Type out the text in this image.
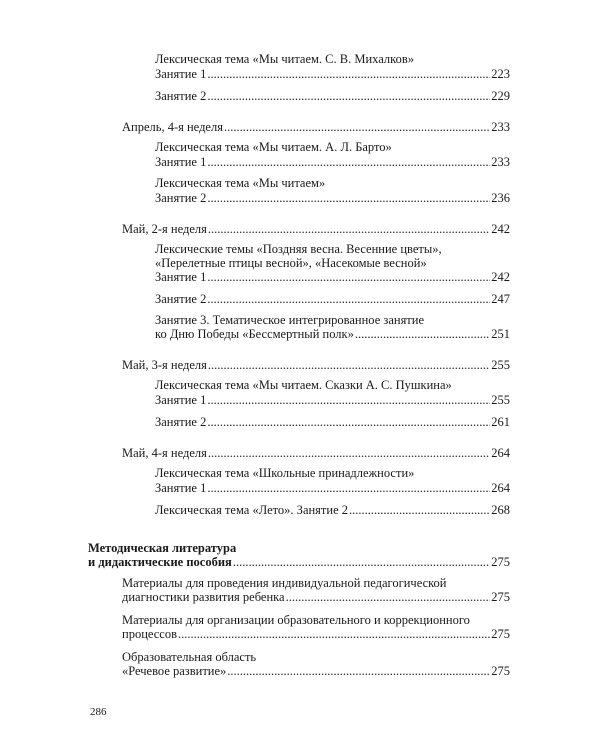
Лексическая тема «Мы читаем. С. В. Михалков»
Занятие 1 .....	223
Занятие 2 .....	229
Апрель, 4-я неделя .....	233
Лексическая тема «Мы читаем. А. Л. Барто»
Занятие 1 .....	233
Лексическая тема «Мы читаем»
Занятие 2 .....	236
Май, 2-я неделя .....	242
Лексические темы «Поздняя весна. Весенние цветы»,
«Перелетные птицы весной», «Насекомые весной»
Занятие 1 .....	242
Занятие 2 .....	247
Занятие 3. Тематическое интегрированное занятие
ко Дню Победы «Бессмертный полк» .....	251
Май, 3-я неделя .....	255
Лексическая тема «Мы читаем. Сказки А. С. Пушкина»
Занятие 1 .....	255
Занятие 2 .....	261
Май, 4-я неделя .....	264
Лексическая тема «Школьные принадлежности»
Занятие 1 .....	264
Лексическая тема «Лето». Занятие 2 .....	268
Методическая литература
и дидактические пособия .....	275
Материалы для проведения индивидуальной педагогической
диагностики развития ребенка .....	275
Материалы для организации образовательного и коррекционного
процессов .....	275
Образовательная область
«Речевое развитие» .....	275
286
